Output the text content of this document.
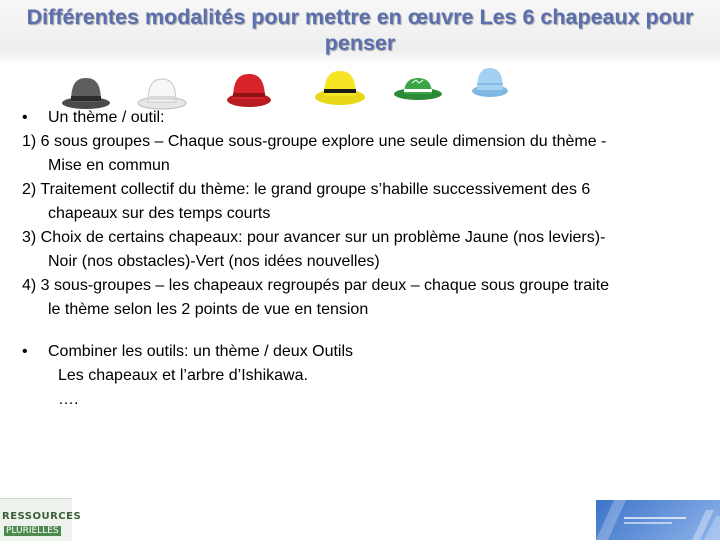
Différentes modalités pour mettre en œuvre Les 6 chapeaux pour penser
• Un thème / outil:
1) 6 sous groupes – Chaque sous-groupe explore une seule dimension du thème -
Mise en commun
2) Traitement collectif du thème: le grand groupe s’habille successivement des 6
chapeaux sur des temps courts
3) Choix de certains chapeaux: pour avancer sur un problème Jaune (nos leviers)-
Noir (nos obstacles)-Vert (nos idées nouvelles)
4) 3 sous-groupes – les chapeaux regroupés par deux – chaque sous groupe traite
le thème selon les 2 points de vue en tension
• Combiner les outils: un thème / deux Outils
Les chapeaux et l’arbre d’Ishikawa.
….
RESSOURCES
PLURIELLES
